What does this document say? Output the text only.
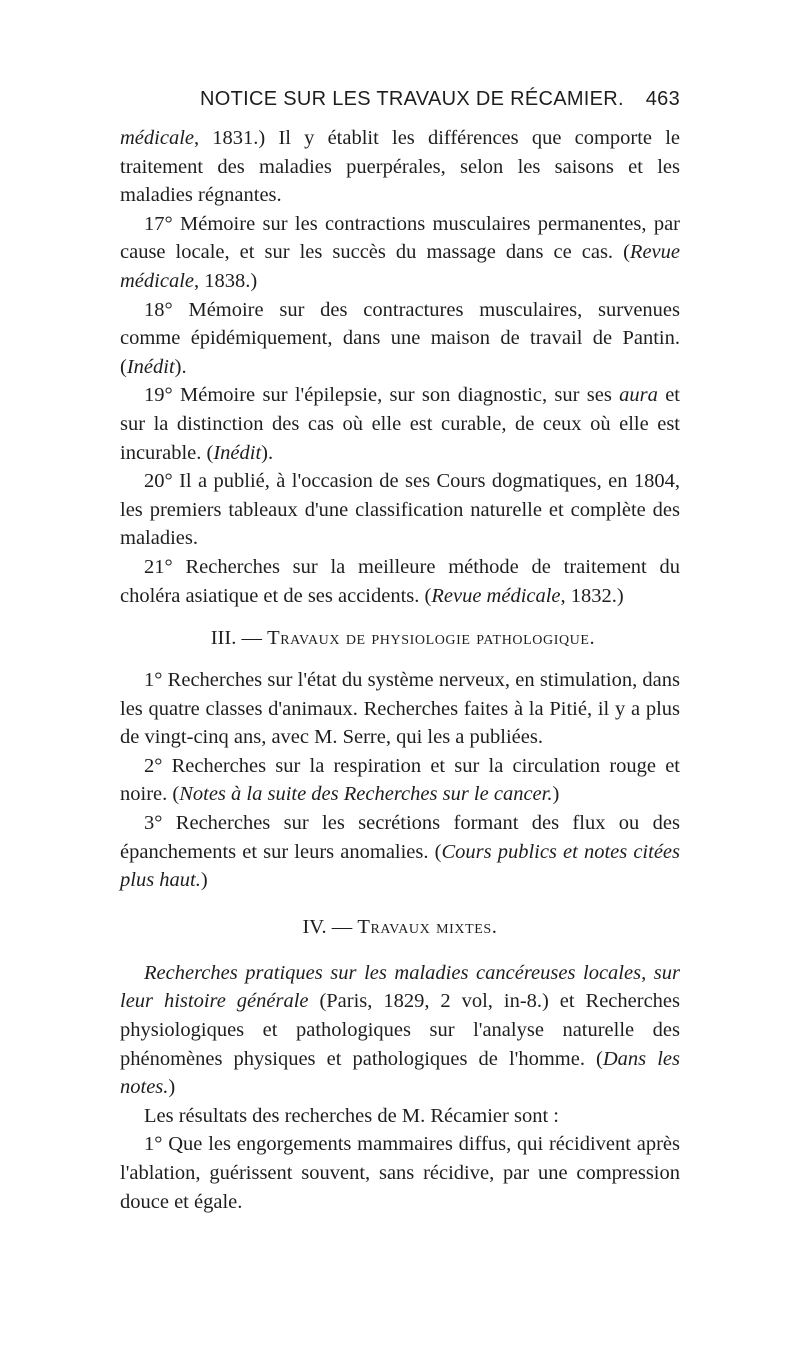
NOTICE SUR LES TRAVAUX DE RÉCAMIER. 463

médicale, 1831.) Il y établit les différences que comporte le traitement des maladies puerpérales, selon les saisons et les maladies régnantes.

17° Mémoire sur les contractions musculaires permanentes, par cause locale, et sur les succès du massage dans ce cas. (Revue médicale, 1838.)

18° Mémoire sur des contractures musculaires, survenues comme épidémiquement, dans une maison de travail de Pantin. (Inédit).

19° Mémoire sur l'épilepsie, sur son diagnostic, sur ses aura et sur la distinction des cas où elle est curable, de ceux où elle est incurable. (Inédit).

20° Il a publié, à l'occasion de ses Cours dogmatiques, en 1804, les premiers tableaux d'une classification naturelle et complète des maladies.

21° Recherches sur la meilleure méthode de traitement du choléra asiatique et de ses accidents. (Revue médicale, 1832.)

III. — Travaux de physiologie pathologique.

1° Recherches sur l'état du système nerveux, en stimulation, dans les quatre classes d'animaux. Recherches faites à la Pitié, il y a plus de vingt-cinq ans, avec M. Serre, qui les a publiées.

2° Recherches sur la respiration et sur la circulation rouge et noire. (Notes à la suite des Recherches sur le cancer.)

3° Recherches sur les secrétions formant des flux ou des épanchements et sur leurs anomalies. (Cours publics et notes citées plus haut.)

IV. — Travaux mixtes.

Recherches pratiques sur les maladies cancéreuses locales, sur leur histoire générale (Paris, 1829, 2 vol, in-8.) et Recherches physiologiques et pathologiques sur l'analyse naturelle des phénomènes physiques et pathologiques de l'homme. (Dans les notes.)

Les résultats des recherches de M. Récamier sont :

1° Que les engorgements mammaires diffus, qui récidivent après l'ablation, guérissent souvent, sans récidive, par une compression douce et égale.
